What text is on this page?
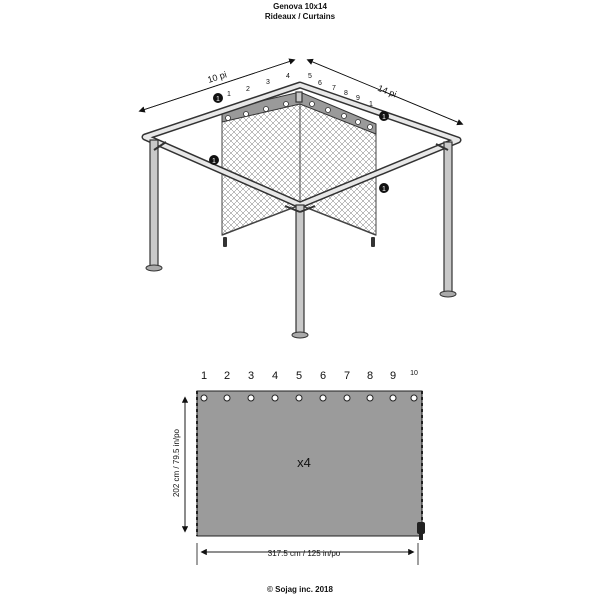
Genova 10x14
Rideaux / Curtains
1
2
3
4	5
6
7
8
9
1
10 pi
14 pi
1
1
1
1
1 2 3 4 5 6 7 8 9 10
x4
202 cm / 79.5 in/po
317.5 cm / 125 in/po
© Sojag inc. 2018
